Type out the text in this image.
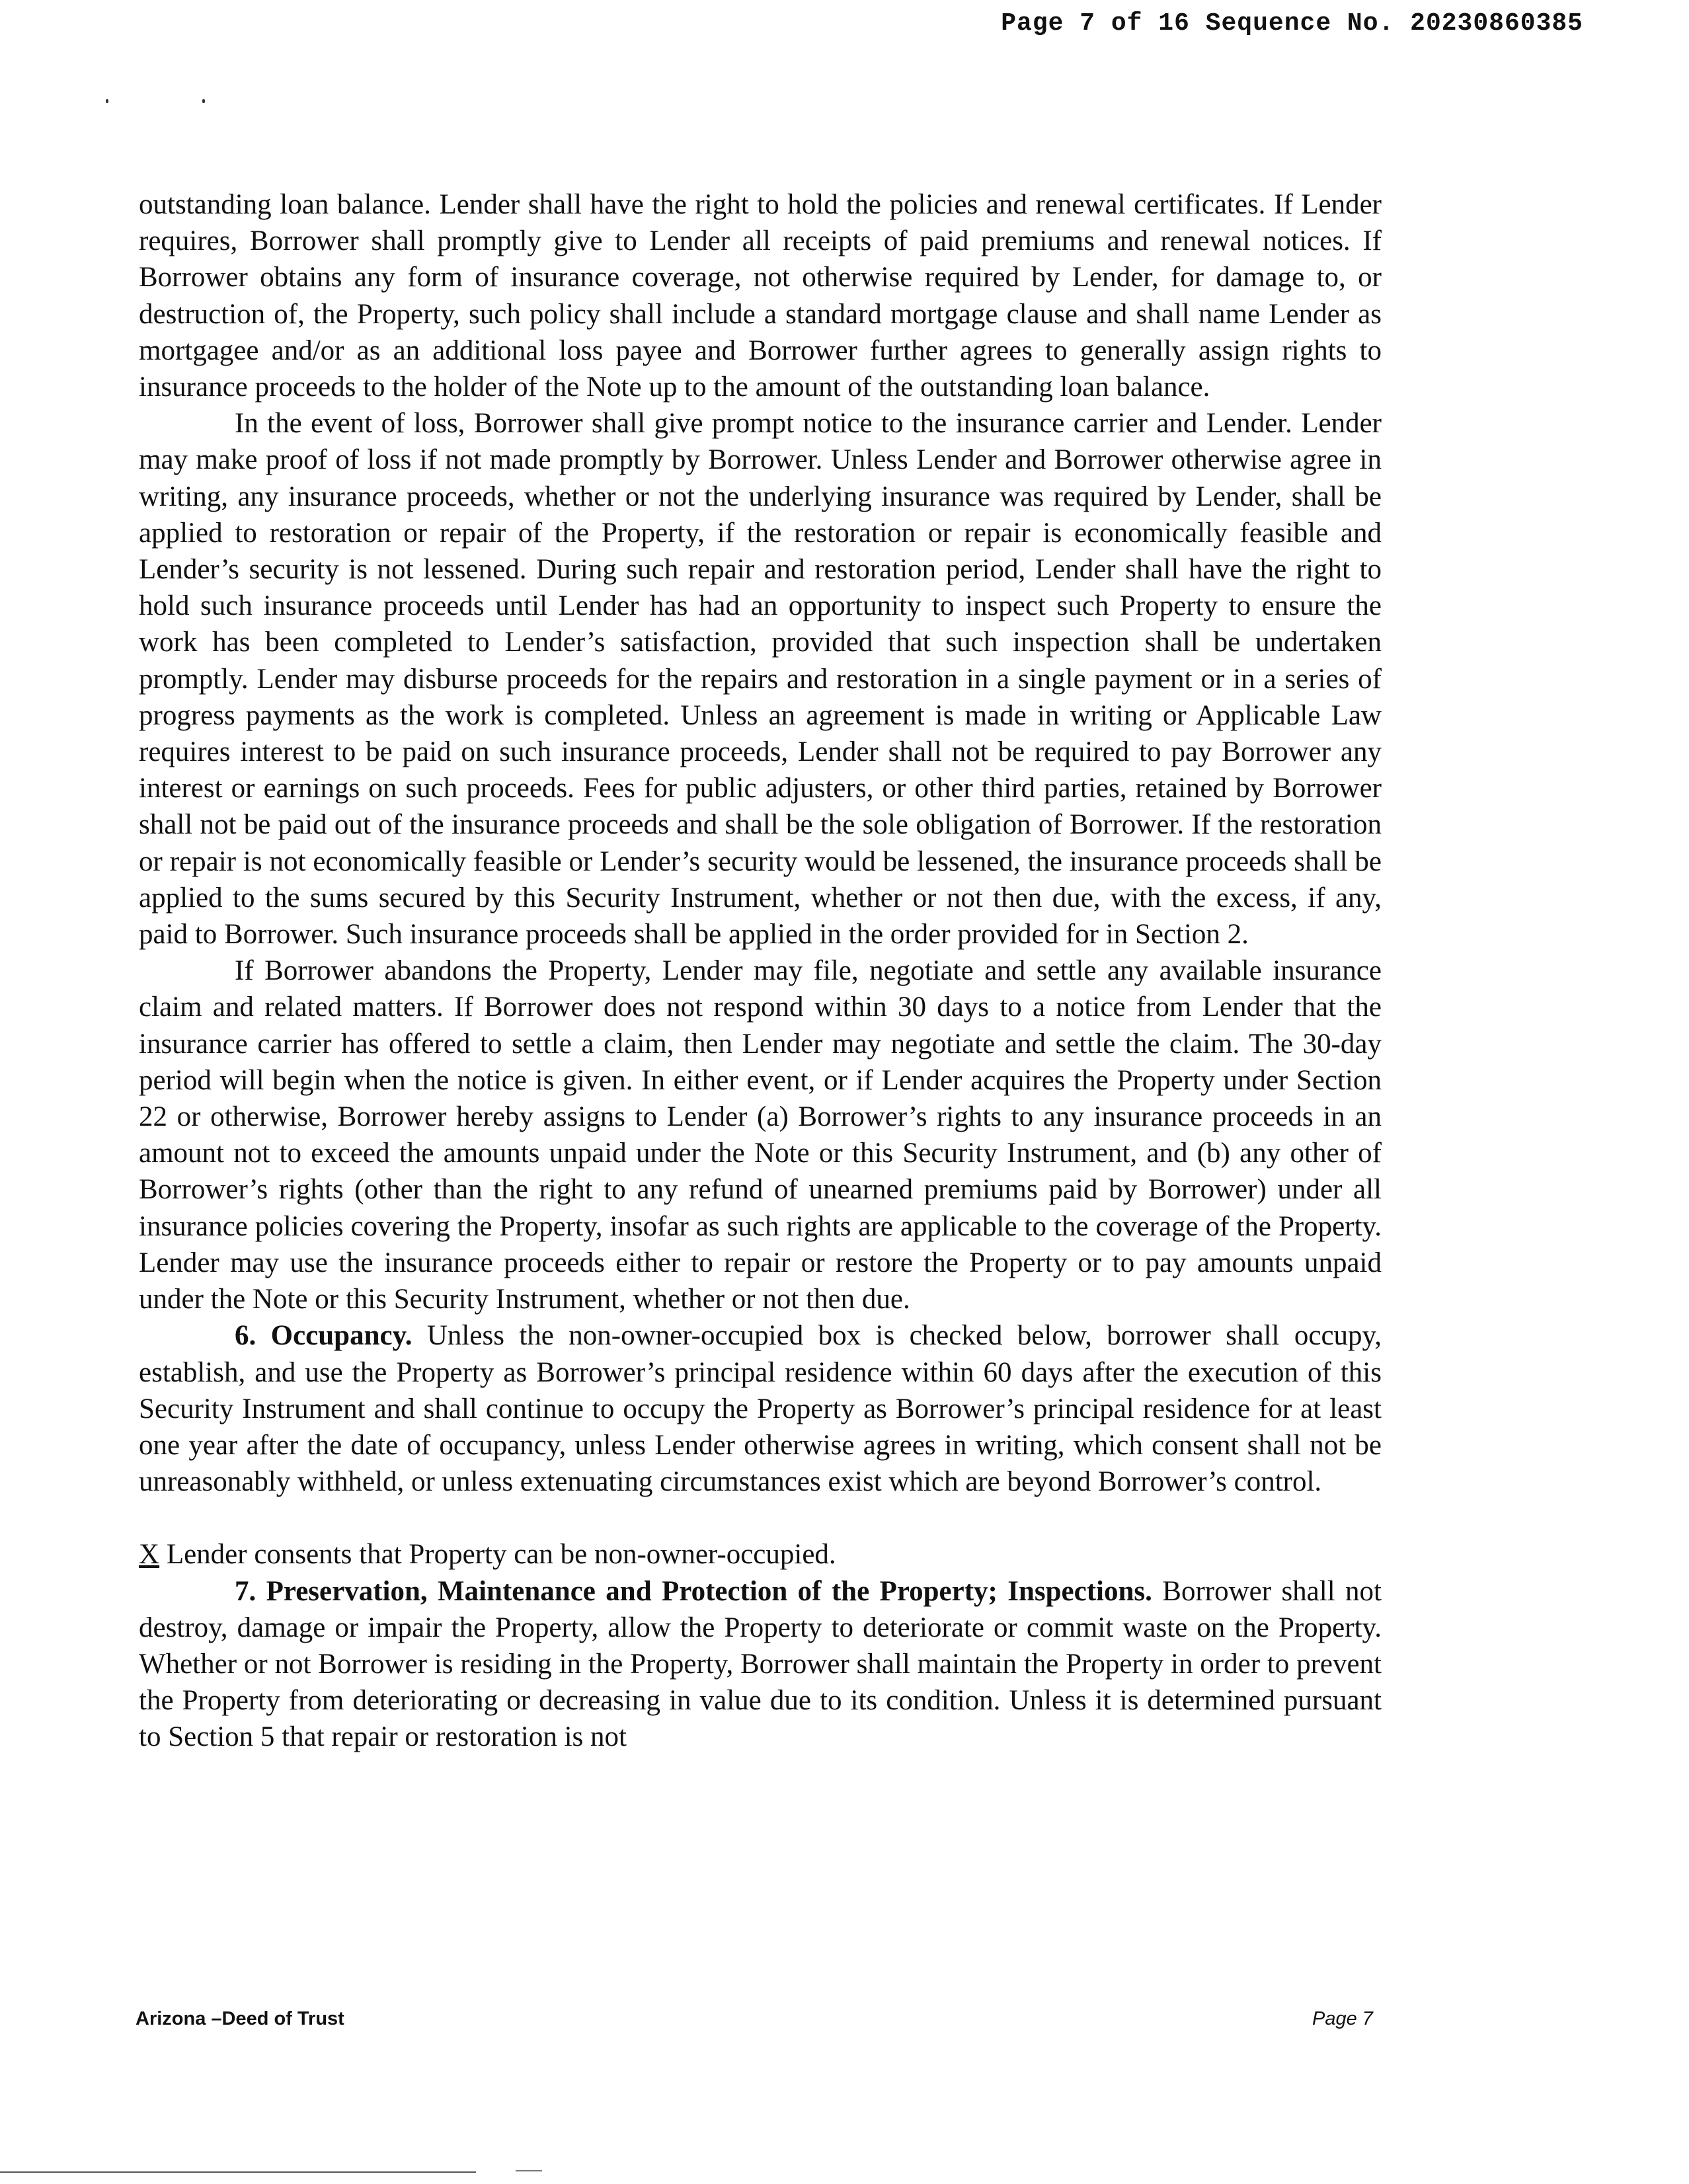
Page 7 of 16 Sequence No. 20230860385

outstanding loan balance. Lender shall have the right to hold the policies and renewal certificates. If Lender requires, Borrower shall promptly give to Lender all receipts of paid premiums and renewal notices. If Borrower obtains any form of insurance coverage, not otherwise required by Lender, for damage to, or destruction of, the Property, such policy shall include a standard mortgage clause and shall name Lender as mortgagee and/or as an additional loss payee and Borrower further agrees to generally assign rights to insurance proceeds to the holder of the Note up to the amount of the outstanding loan balance.

In the event of loss, Borrower shall give prompt notice to the insurance carrier and Lender. Lender may make proof of loss if not made promptly by Borrower. Unless Lender and Borrower otherwise agree in writing, any insurance proceeds, whether or not the underlying insurance was required by Lender, shall be applied to restoration or repair of the Property, if the restoration or repair is economically feasible and Lender’s security is not lessened. During such repair and restoration period, Lender shall have the right to hold such insurance proceeds until Lender has had an opportunity to inspect such Property to ensure the work has been completed to Lender’s satisfaction, provided that such inspection shall be undertaken promptly. Lender may disburse proceeds for the repairs and restoration in a single payment or in a series of progress payments as the work is completed. Unless an agreement is made in writing or Applicable Law requires interest to be paid on such insurance proceeds, Lender shall not be required to pay Borrower any interest or earnings on such proceeds. Fees for public adjusters, or other third parties, retained by Borrower shall not be paid out of the insurance proceeds and shall be the sole obligation of Borrower. If the restoration or repair is not economically feasible or Lender’s security would be lessened, the insurance proceeds shall be applied to the sums secured by this Security Instrument, whether or not then due, with the excess, if any, paid to Borrower. Such insurance proceeds shall be applied in the order provided for in Section 2.

If Borrower abandons the Property, Lender may file, negotiate and settle any available insurance claim and related matters. If Borrower does not respond within 30 days to a notice from Lender that the insurance carrier has offered to settle a claim, then Lender may negotiate and settle the claim. The 30-day period will begin when the notice is given. In either event, or if Lender acquires the Property under Section 22 or otherwise, Borrower hereby assigns to Lender (a) Borrower’s rights to any insurance proceeds in an amount not to exceed the amounts unpaid under the Note or this Security Instrument, and (b) any other of Borrower’s rights (other than the right to any refund of unearned premiums paid by Borrower) under all insurance policies covering the Property, insofar as such rights are applicable to the coverage of the Property. Lender may use the insurance proceeds either to repair or restore the Property or to pay amounts unpaid under the Note or this Security Instrument, whether or not then due.

6. Occupancy. Unless the non-owner-occupied box is checked below, borrower shall occupy, establish, and use the Property as Borrower’s principal residence within 60 days after the execution of this Security Instrument and shall continue to occupy the Property as Borrower’s principal residence for at least one year after the date of occupancy, unless Lender otherwise agrees in writing, which consent shall not be unreasonably withheld, or unless extenuating circumstances exist which are beyond Borrower’s control.

X Lender consents that Property can be non-owner-occupied.

7. Preservation, Maintenance and Protection of the Property; Inspections. Borrower shall not destroy, damage or impair the Property, allow the Property to deteriorate or commit waste on the Property. Whether or not Borrower is residing in the Property, Borrower shall maintain the Property in order to prevent the Property from deteriorating or decreasing in value due to its condition. Unless it is determined pursuant to Section 5 that repair or restoration is not

Arizona –Deed of Trust	Page 7
